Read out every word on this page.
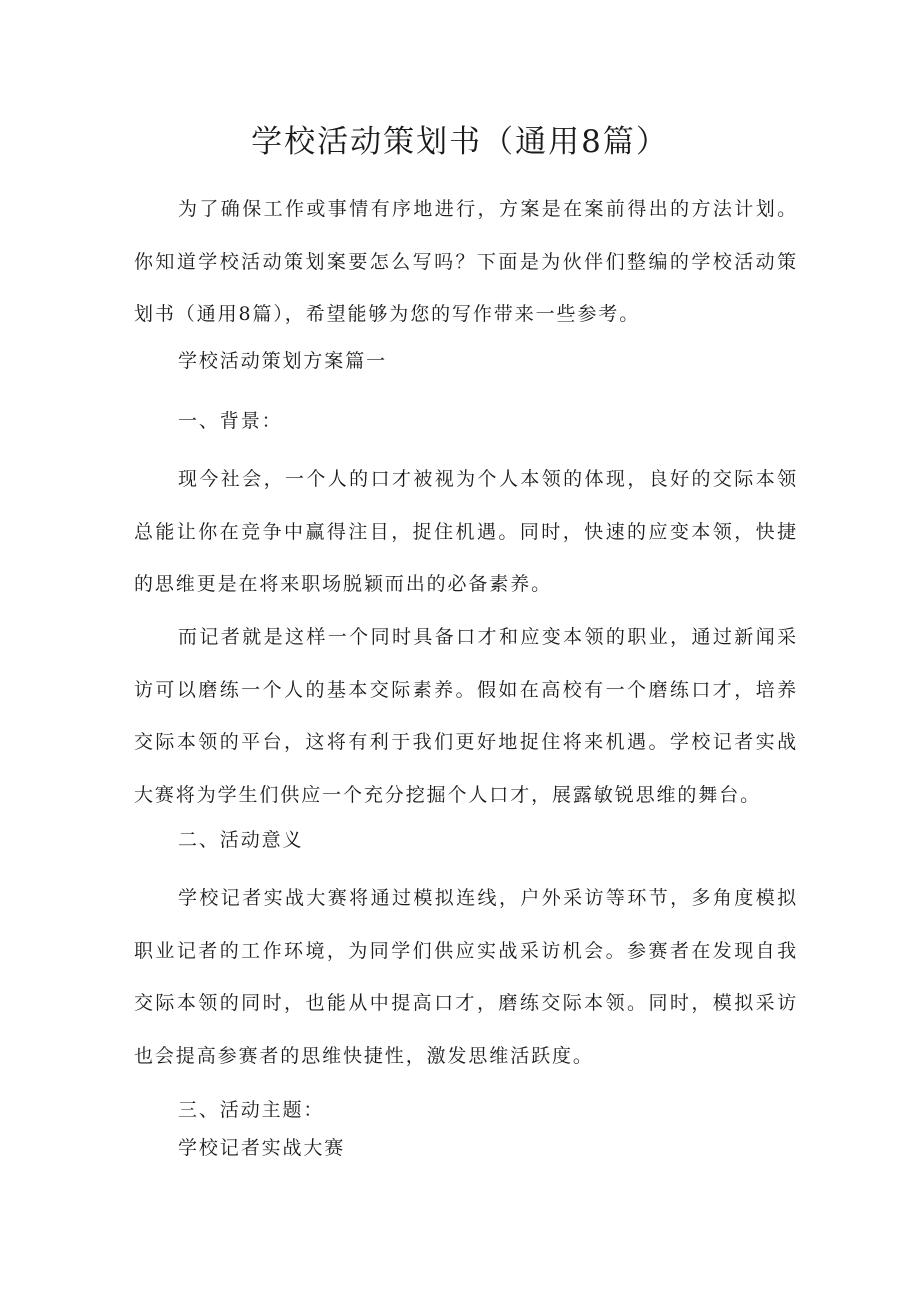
学校活动策划书（通用8篇）

为了确保工作或事情有序地进行，方案是在案前得出的方法计划。你知道学校活动策划案要怎么写吗？下面是为伙伴们整编的学校活动策划书（通用8篇），希望能够为您的写作带来一些参考。

学校活动策划方案篇一

一、背景：

现今社会，一个人的口才被视为个人本领的体现，良好的交际本领总能让你在竞争中赢得注目，捉住机遇。同时，快速的应变本领，快捷的思维更是在将来职场脱颖而出的必备素养。

而记者就是这样一个同时具备口才和应变本领的职业，通过新闻采访可以磨练一个人的基本交际素养。假如在高校有一个磨练口才，培养交际本领的平台，这将有利于我们更好地捉住将来机遇。学校记者实战大赛将为学生们供应一个充分挖掘个人口才，展露敏锐思维的舞台。

二、活动意义

学校记者实战大赛将通过模拟连线，户外采访等环节，多角度模拟职业记者的工作环境，为同学们供应实战采访机会。参赛者在发现自我交际本领的同时，也能从中提高口才，磨练交际本领。同时，模拟采访也会提高参赛者的思维快捷性，激发思维活跃度。

三、活动主题：

学校记者实战大赛
